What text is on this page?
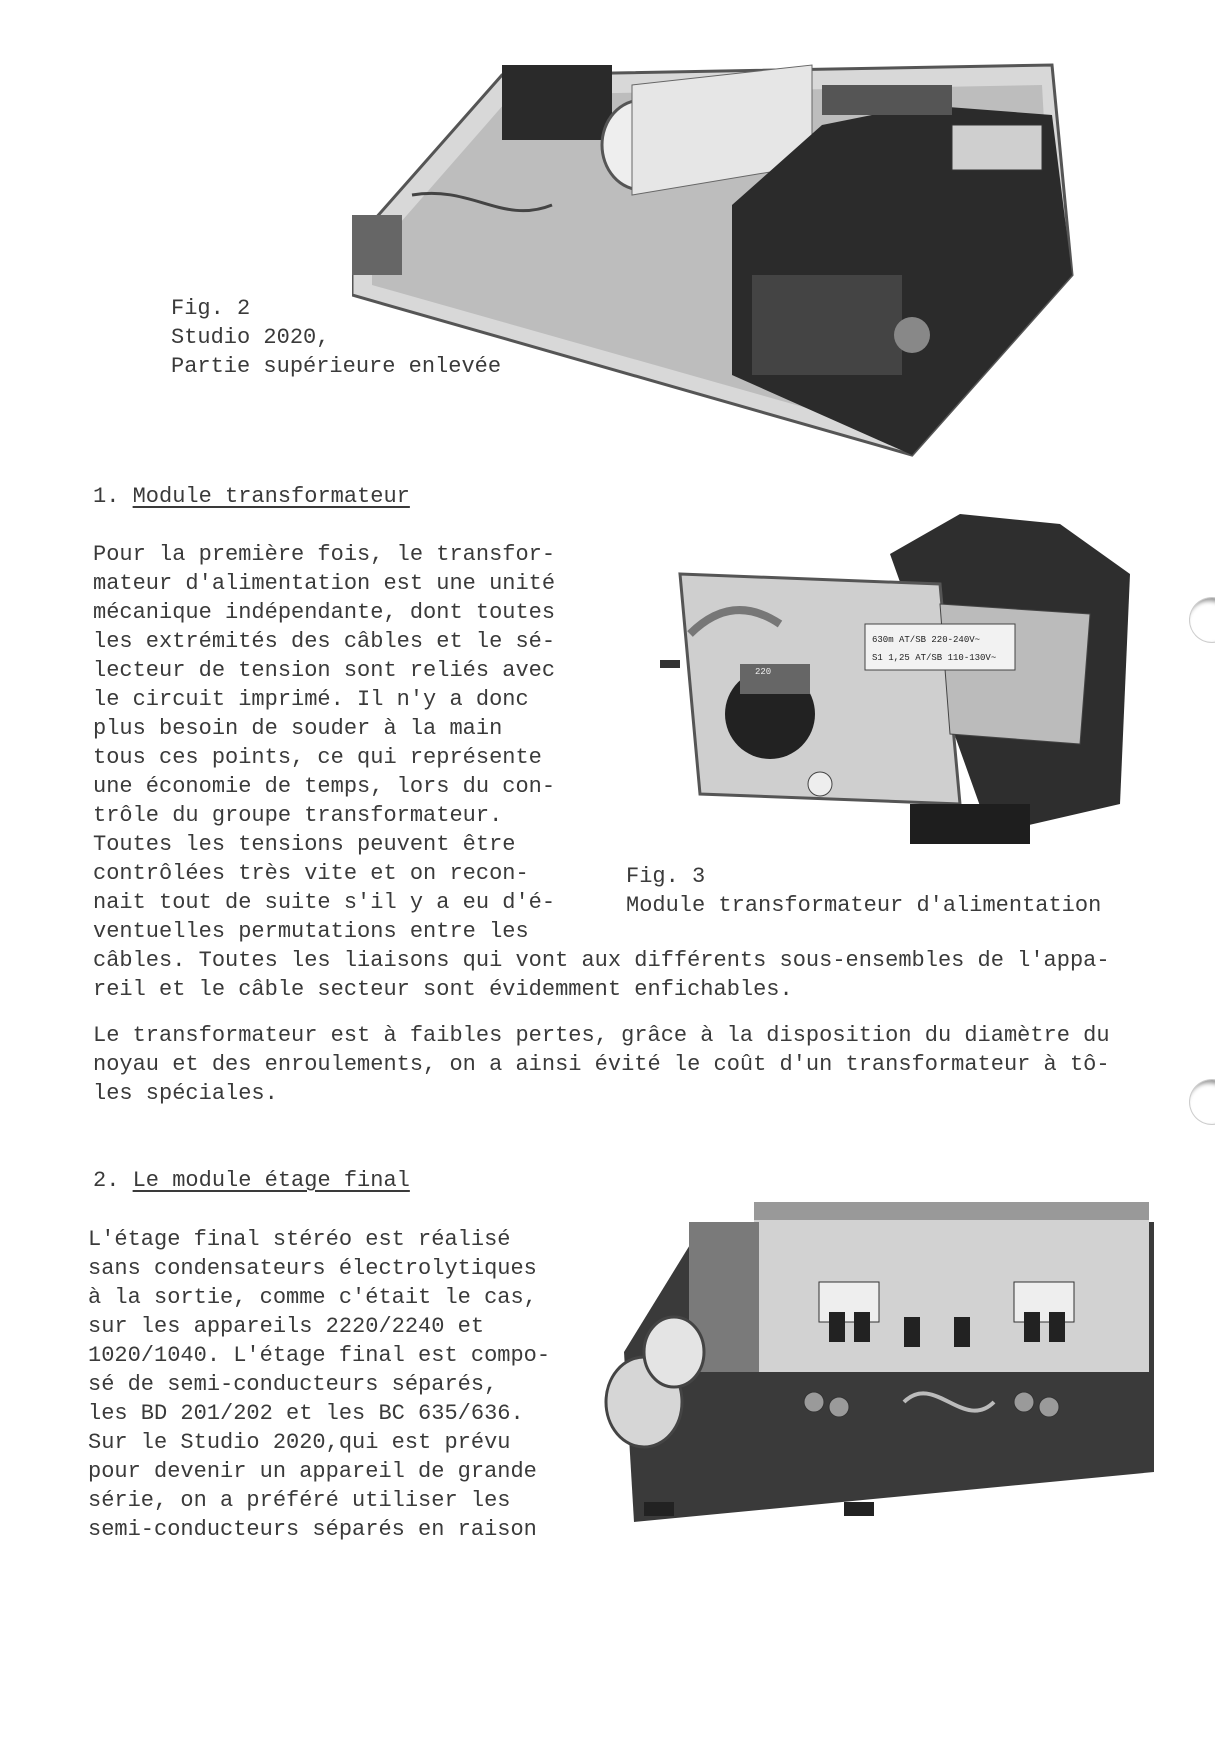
Fig. 2
Studio 2020,
Partie supérieure enlevée
1. Module transformateur
Pour la première fois, le transfor-
mateur d'alimentation est une unité
mécanique indépendante, dont toutes
les extrémités des câbles et le sé-
lecteur de tension sont reliés avec
le circuit imprimé. Il n'y a donc
plus besoin de souder à la main
tous ces points, ce qui représente
une économie de temps, lors du con-
trôle du groupe transformateur.
Toutes les tensions peuvent être
contrôlées très vite et on recon-
nait tout de suite s'il y a eu d'é-
ventuelles permutations entre les
câbles. Toutes les liaisons qui vont aux différents sous-ensembles de l'appa-
reil et le câble secteur sont évidemment enfichables.
Le transformateur est à faibles pertes, grâce à la disposition du diamètre du
noyau et des enroulements, on a ainsi évité le coût d'un transformateur à tô-
les spéciales.
630m AT/SB 220-240V~
S1 1,25 AT/SB 110-130V~
220
Fig. 3
Module transformateur d'alimentation
2. Le module étage final
L'étage final stéréo est réalisé
sans condensateurs électrolytiques
à la sortie, comme c'était le cas,
sur les appareils 2220/2240 et
1020/1040. L'étage final est compo-
sé de semi-conducteurs séparés,
les BD 201/202 et les BC 635/636.
Sur le Studio 2020,qui est prévu
pour devenir un appareil de grande
série, on a préféré utiliser les
semi-conducteurs séparés en raison
